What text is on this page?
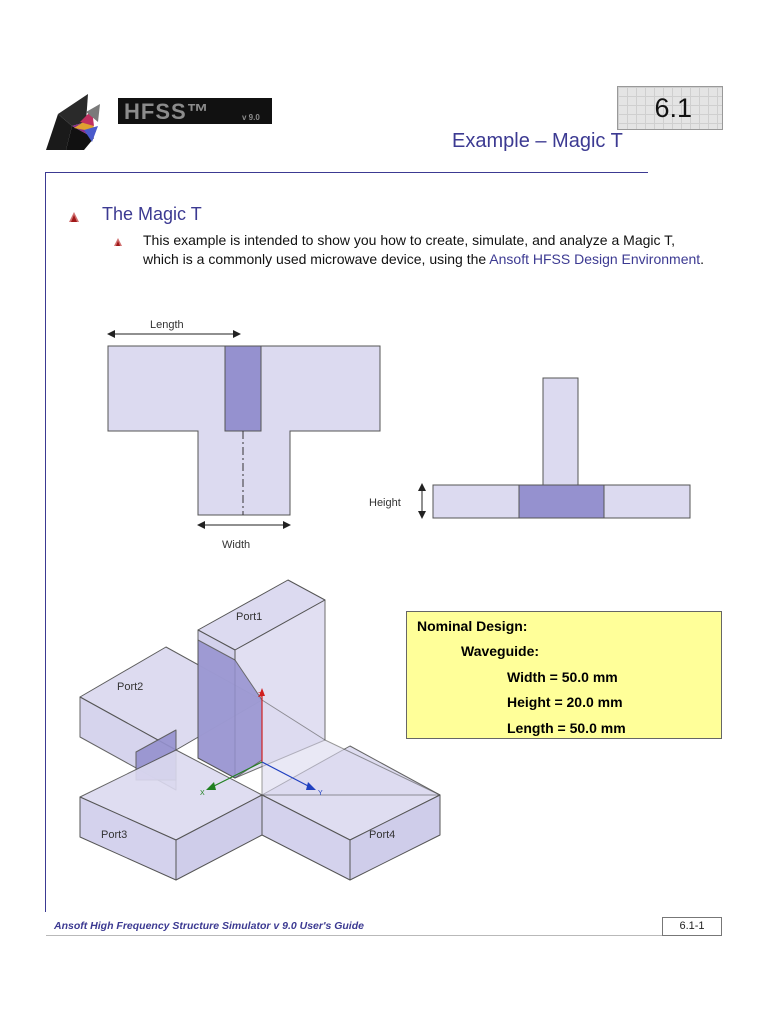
HFSS™	v 9.0	6.1
Example – Magic T
The Magic T
This example is intended to show you how to create, simulate, and analyze a Magic T, which is a commonly used microwave device, using the Ansoft HFSS Design Environment.
Length
Width
Height
Z
Y
X
Port1
Port2
Port3	Port4
Nominal Design:
Waveguide:
Width = 50.0 mm
Height = 20.0 mm
Length = 50.0 mm
Ansoft High Frequency Structure Simulator v 9.0 User's Guide	6.1-1
